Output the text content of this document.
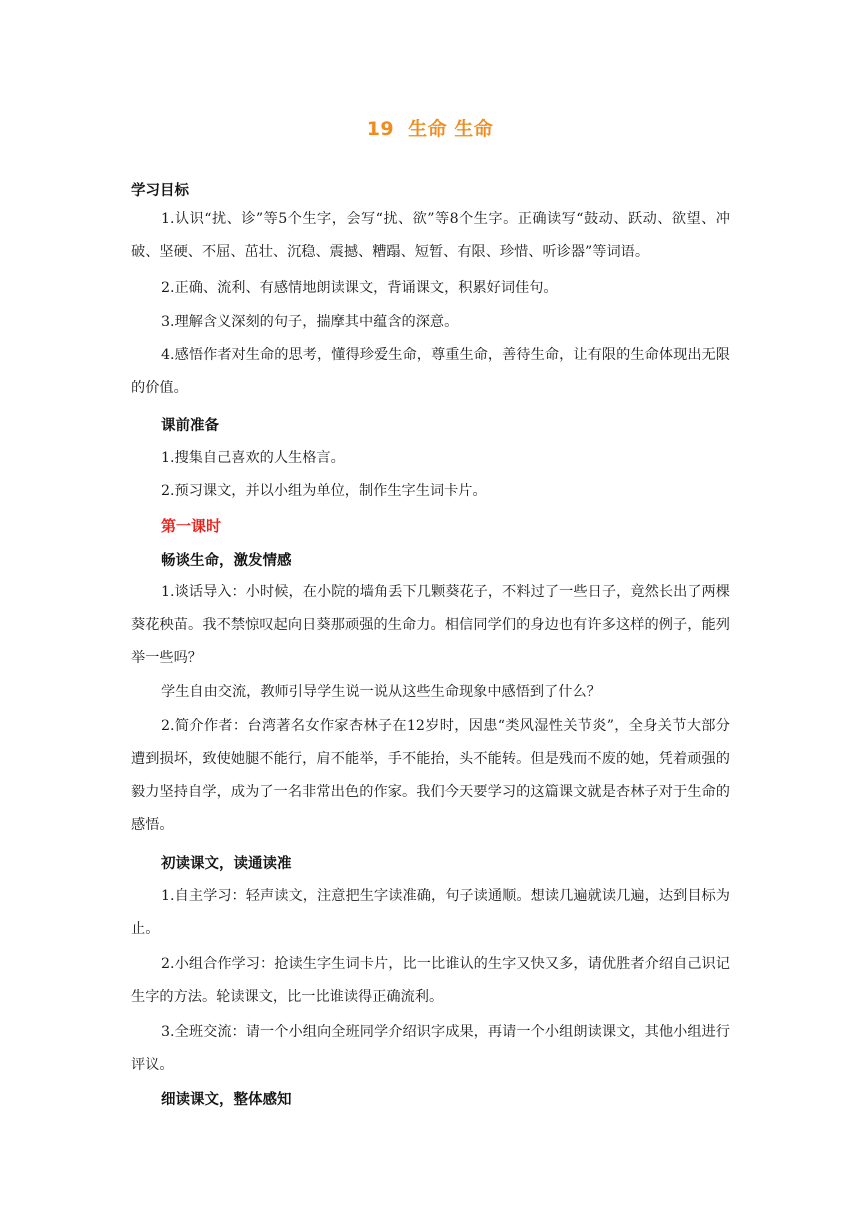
19 生命 生命
学习目标
1.认识“扰、诊”等5个生字，会写“扰、欲”等8个生字。正确读写“鼓动、跃动、欲望、冲破、坚硬、不屈、茁壮、沉稳、震撼、糟蹋、短暂、有限、珍惜、听诊器”等词语。
2.正确、流利、有感情地朗读课文，背诵课文，积累好词佳句。
3.理解含义深刻的句子，揣摩其中蕴含的深意。
4.感悟作者对生命的思考，懂得珍爱生命，尊重生命，善待生命，让有限的生命体现出无限的价值。
课前准备
1.搜集自己喜欢的人生格言。
2.预习课文，并以小组为单位，制作生字生词卡片。
第一课时
畅谈生命，激发情感
1.谈话导入：小时候，在小院的墙角丢下几颗葵花子，不料过了一些日子，竟然长出了两棵葵花秧苗。我不禁惊叹起向日葵那顽强的生命力。相信同学们的身边也有许多这样的例子，能列举一些吗？
学生自由交流，教师引导学生说一说从这些生命现象中感悟到了什么？
2.简介作者：台湾著名女作家杏林子在12岁时，因患“类风湿性关节炎”，全身关节大部分遭到损坏，致使她腿不能行，肩不能举，手不能抬，头不能转。但是残而不废的她，凭着顽强的毅力坚持自学，成为了一名非常出色的作家。我们今天要学习的这篇课文就是杏林子对于生命的感悟。
初读课文，读通读准
1.自主学习：轻声读文，注意把生字读准确，句子读通顺。想读几遍就读几遍，达到目标为止。
2.小组合作学习：抢读生字生词卡片，比一比谁认的生字又快又多，请优胜者介绍自己识记生字的方法。轮读课文，比一比谁读得正确流利。
3.全班交流：请一个小组向全班同学介绍识字成果，再请一个小组朗读课文，其他小组进行评议。
细读课文，整体感知
